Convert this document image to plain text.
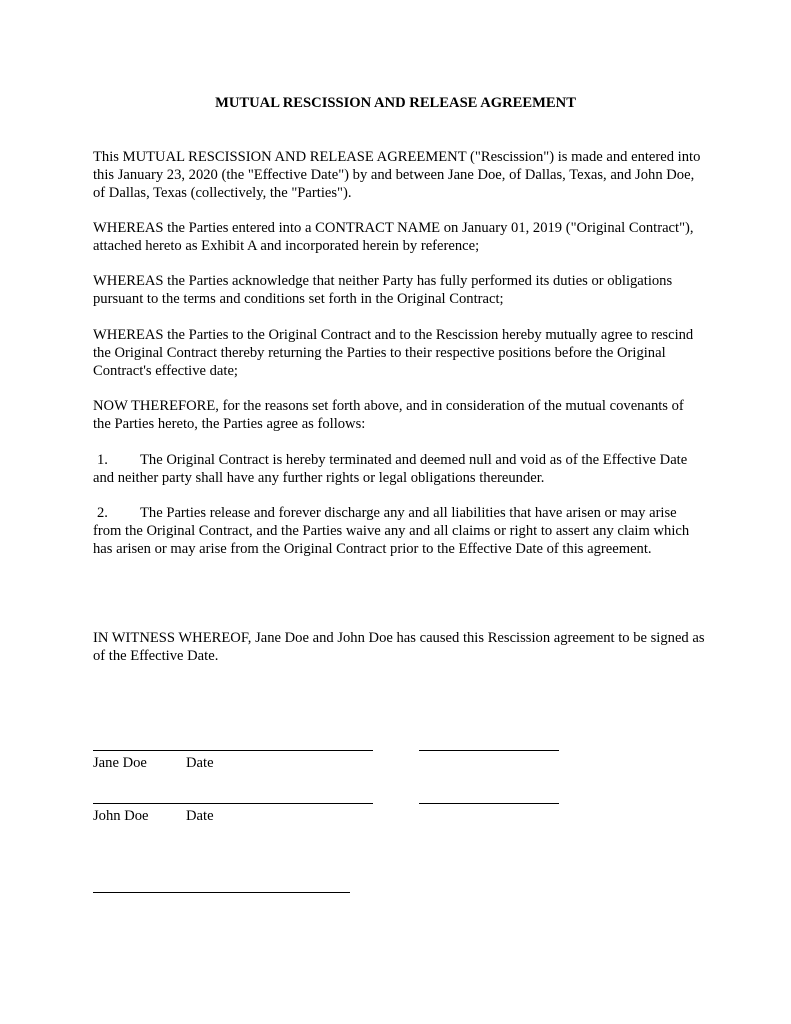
MUTUAL RESCISSION AND RELEASE AGREEMENT

This MUTUAL RESCISSION AND RELEASE AGREEMENT ("Rescission") is made and entered into this January 23, 2020 (the "Effective Date") by and between Jane Doe, of Dallas, Texas, and John Doe, of Dallas, Texas (collectively, the "Parties").

WHEREAS the Parties entered into a CONTRACT NAME on January 01, 2019 ("Original Contract"), attached hereto as Exhibit A and incorporated herein by reference;

WHEREAS the Parties acknowledge that neither Party has fully performed its duties or obligations pursuant to the terms and conditions set forth in the Original Contract;

WHEREAS the Parties to the Original Contract and to the Rescission hereby mutually agree to rescind the Original Contract thereby returning the Parties to their respective positions before the Original Contract's effective date;

NOW THEREFORE, for the reasons set forth above, and in consideration of the mutual covenants of the Parties hereto, the Parties agree as follows:

1. The Original Contract is hereby terminated and deemed null and void as of the Effective Date and neither party shall have any further rights or legal obligations thereunder.

2. The Parties release and forever discharge any and all liabilities that have arisen or may arise from the Original Contract, and the Parties waive any and all claims or right to assert any claim which has arisen or may arise from the Original Contract prior to the Effective Date of this agreement.

IN WITNESS WHEREOF, Jane Doe and John Doe has caused this Rescission agreement to be signed as of the Effective Date.

Jane Doe	Date
John Doe	Date
